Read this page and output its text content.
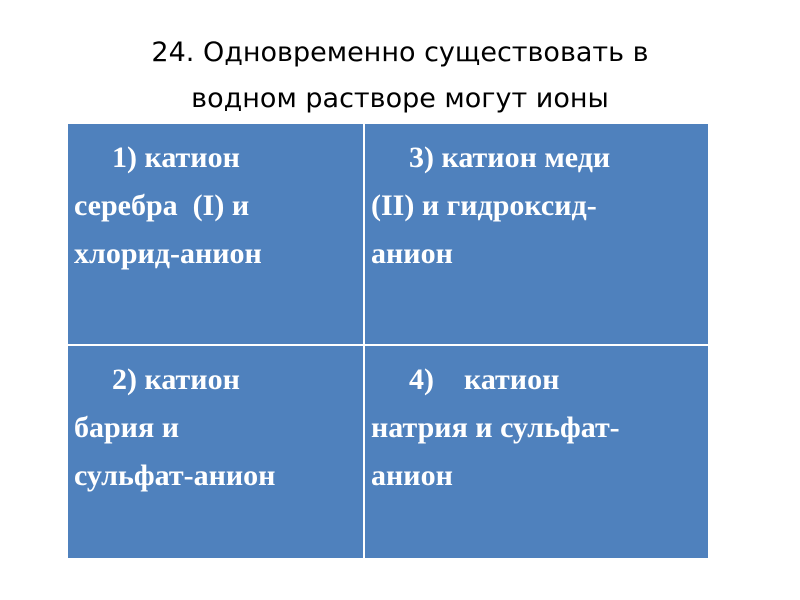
24. Одновременно существовать в
водном растворе могут ионы

1) катион

серебра  (I) и

хлорид-анион

3) катион меди

(II) и гидроксид-

анион

2) катион

бария и

сульфат-анион

4)    катион

натрия и сульфат-

анион
